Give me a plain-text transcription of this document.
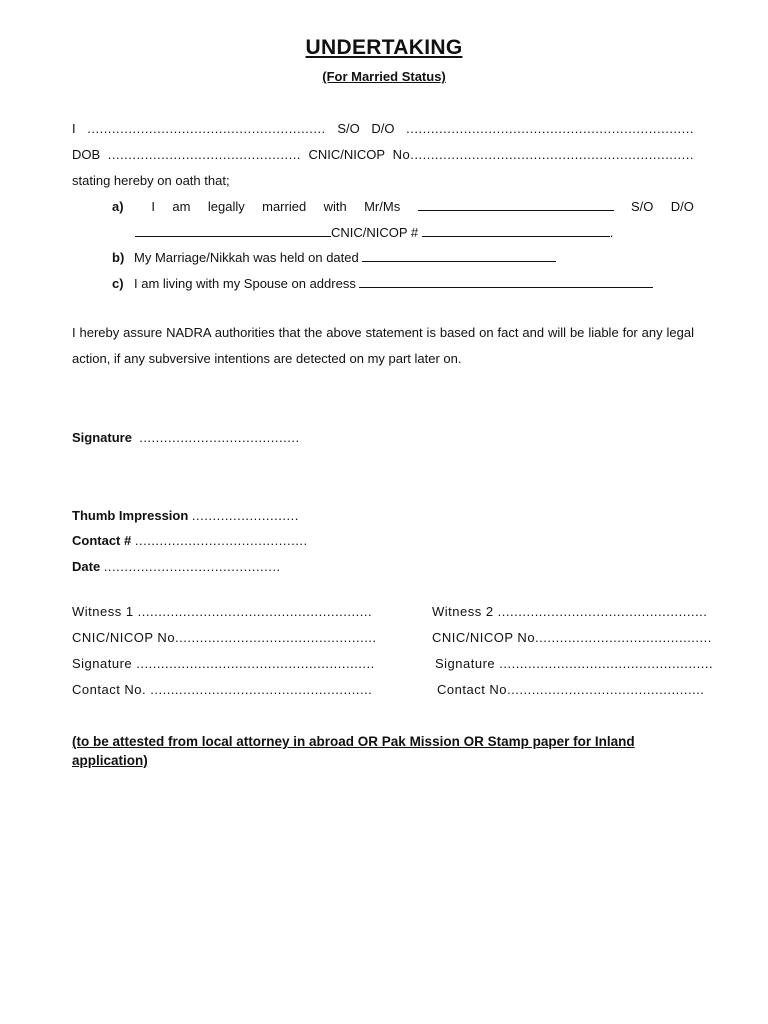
UNDERTAKING
(For Married Status)
I .......................................................... S/O D/O ......................................................................
DOB ............................................... CNIC/NICOP No.....................................................................
stating hereby on oath that;
a)	I am legally married with Mr/Ms	S/O D/O
CNIC/NICOP #	.
b) My Marriage/Nikkah was held on dated
c) I am living with my Spouse on address
I hereby assure NADRA authorities that the above statement is based on fact and will be liable for any legal action, if any subversive intentions are detected on my part later on.
Signature .......................................
Thumb Impression ..........................
Contact # ..........................................
Date ...........................................
Witness 1 .........................................................
CNIC/NICOP No.................................................
Signature ..........................................................
Contact No. ......................................................
Witness 2 ...................................................
CNIC/NICOP No...........................................
Signature ....................................................
Contact No................................................
(to be attested from local attorney in abroad OR Pak Mission OR Stamp paper for Inland application)
